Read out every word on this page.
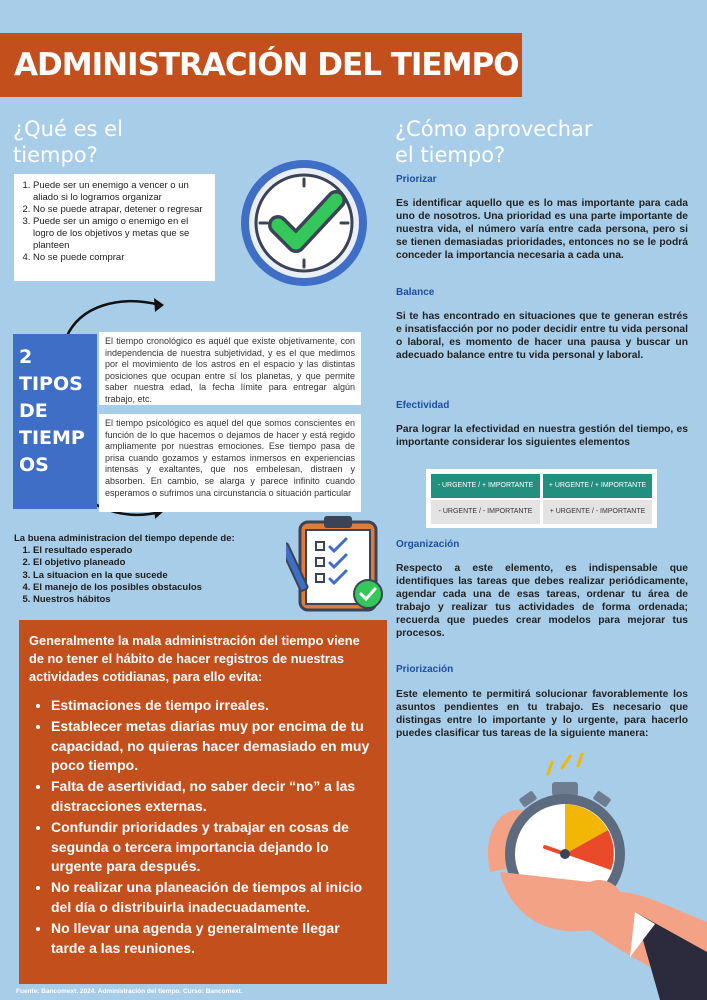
ADMINISTRACIÓN DEL TIEMPO
¿Qué es el
tiempo?
¿Cómo aprovechar
el tiempo?
1. Puede ser un enemigo a vencer o un aliado si lo logramos organizar
2. No se puede atrapar, detener o regresar
3. Puede ser un amigo o enemigo en el logro de los objetivos y metas que se planteen
4. No se puede comprar
2
TIPOS
DE
TIEMP
OS
El tiempo cronológico es aquél que existe objetivamente, con independencia de nuestra subjetividad, y es el que medimos por el movimiento de los astros en el espacio y las distintas posiciones que ocupan entre sí los planetas, y que permite saber nuestra edad, la fecha límite para entregar algún trabajo, etc.
El tiempo psicológico es aquel del que somos conscientes en función de lo que hacemos o dejamos de hacer y está regido ampliamente por nuestras emociones. Ese tiempo pasa de prisa cuando gozamos y estamos inmersos en experiencias intensas y exaltantes, que nos embelesan, distraen y absorben. En cambio, se alarga y parece infinito cuando esperamos o sufrimos una circunstancia o situación particular
La buena administracion del tiempo depende de:
1. El resultado esperado
2. El objetivo planeado
3. La situacion en la que sucede
4. El manejo de los posibles obstaculos
5. Nuestros hábitos

Generalmente la mala administración del tiempo viene de no tener el hábito de hacer registros de nuestras actividades cotidianas, para ello evita:

• Estimaciones de tiempo irreales.
• Establecer metas diarias muy por encima de tu capacidad, no quieras hacer demasiado en muy poco tiempo.
• Falta de asertividad, no saber decir “no” a las distracciones externas.
• Confundir prioridades y trabajar en cosas de segunda o tercera importancia dejando lo urgente para después.
• No realizar una planeación de tiempos al inicio del día o distribuirla inadecuadamente.
• No llevar una agenda y generalmente llegar tarde a las reuniones.
Fuente: Bancomext. 2024. Administración del tiempo. Curso: Bancomext.
Priorizar
Es identificar aquello que es lo mas importante para cada uno de nosotros. Una prioridad es una parte importante de nuestra vida, el número varía entre cada persona, pero si se tienen demasiadas prioridades, entonces no se le podrá conceder la importancia necesaria a cada una.
Balance
Si te has encontrado en situaciones que te generan estrés e insatisfacción por no poder decidir entre tu vida personal o laboral, es momento de hacer una pausa y buscar un adecuado balance entre tu vida personal y laboral.
Efectividad
Para lograr la efectividad en nuestra gestión del tiempo, es importante considerar los siguientes elementos
- URGENTE / + IMPORTANTE	+ URGENTE / + IMPORTANTE
- URGENTE / - IMPORTANTE	+ URGENTE / - IMPORTANTE
Organización
Respecto a este elemento, es indispensable que identifiques las tareas que debes realizar periódicamente, agendar cada una de esas tareas, ordenar tu área de trabajo y realizar tus actividades de forma ordenada; recuerda que puedes crear modelos para mejorar tus procesos.
Priorización
Este elemento te permitirá solucionar favorablemente los asuntos pendientes en tu trabajo. Es necesario que distingas entre lo importante y lo urgente, para hacerlo puedes clasificar tus tareas de la siguiente manera:
